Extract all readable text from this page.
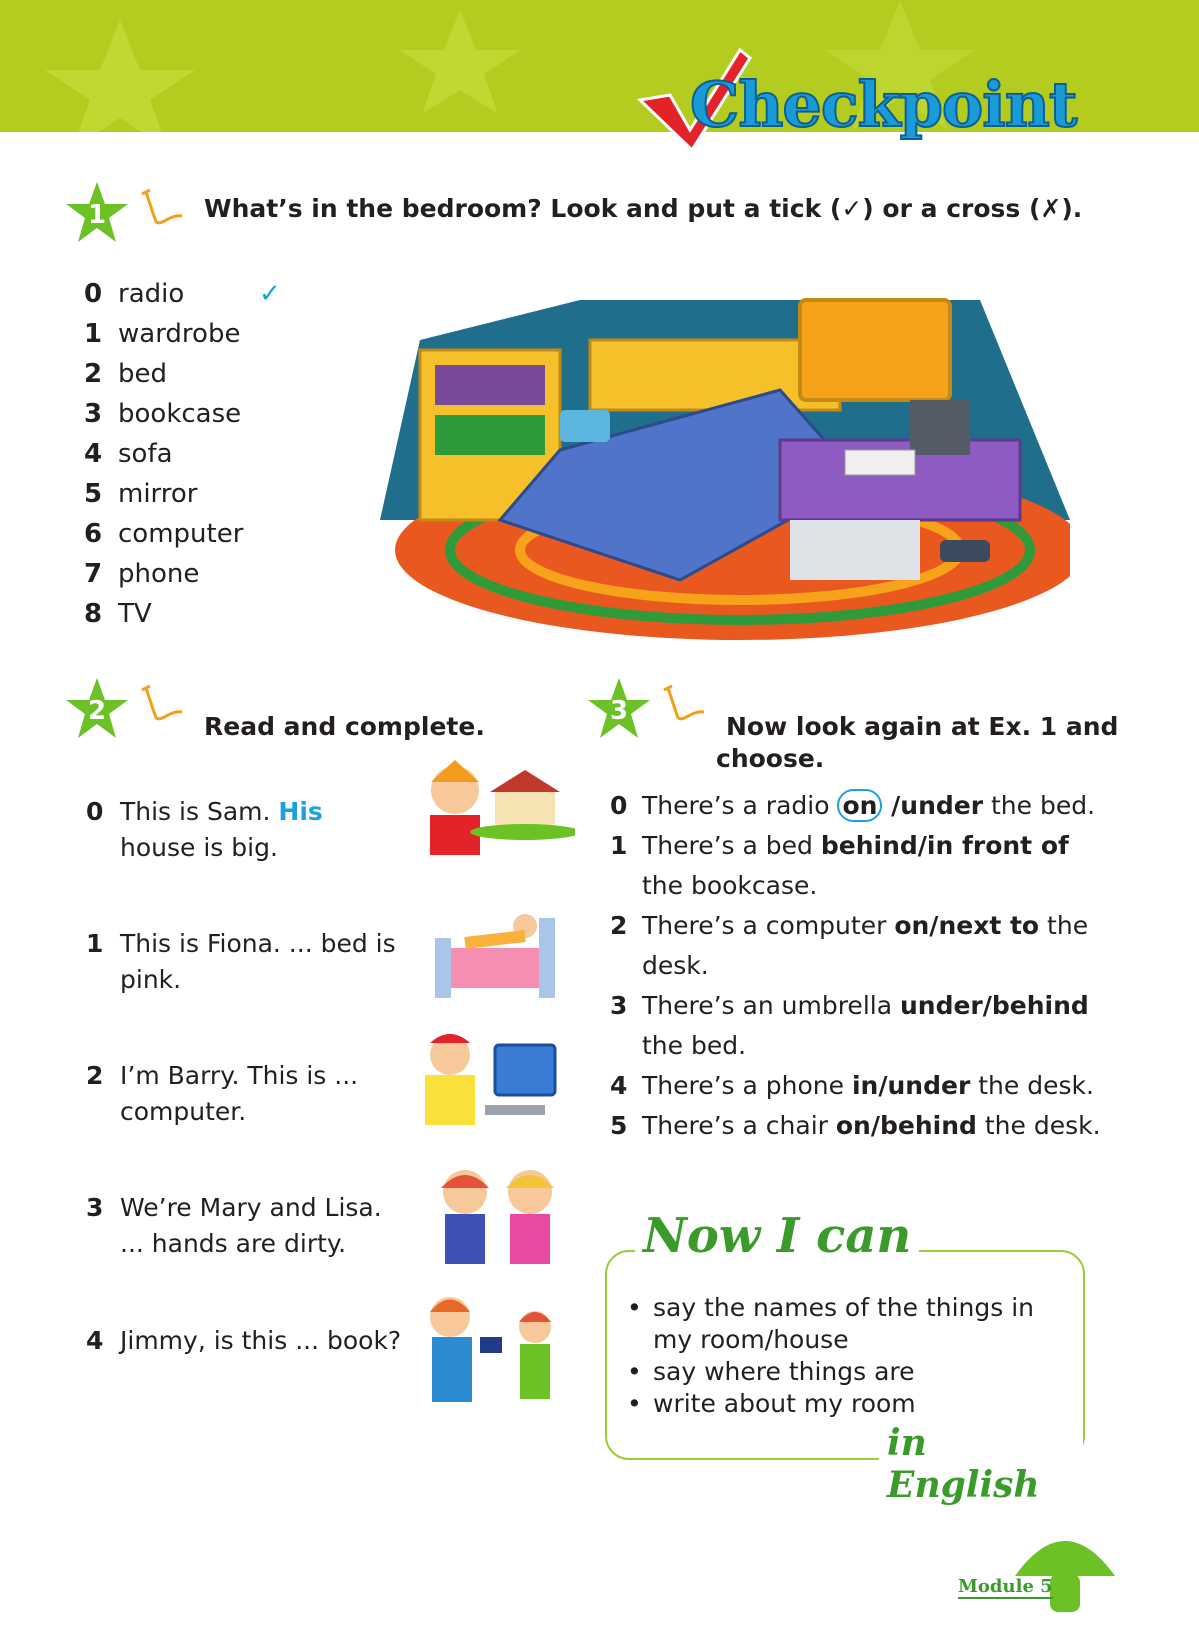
Checkpoint
1	What’s in the bedroom? Look and put a tick (✓) or a cross (✗).
0 radio	✓
1 wardrobe
2 bed
3 bookcase
4 sofa
5 mirror
6 computer
7 phone
8 TV
2
Read and complete.
0 This is Sam. His house is big.
1 This is Fiona. ... bed is pink.
2 I’m Barry. This is ... computer.
3 We’re Mary and Lisa. ... hands are dirty.
4 Jimmy, is this ... book?
3
Now look again at Ex. 1 and
choose.
0 There’s a radio on /under the bed.
1 There’s a bed behind/in front of the bookcase.
2 There’s a computer on/next to the desk.
3 There’s an umbrella under/behind the bed.
4 There’s a phone in/under the desk.
5 There’s a chair on/behind the desk.
Now I can
• say the names of the things in my room/house
• say where things are
• write about my room
in English
19
Module 5
